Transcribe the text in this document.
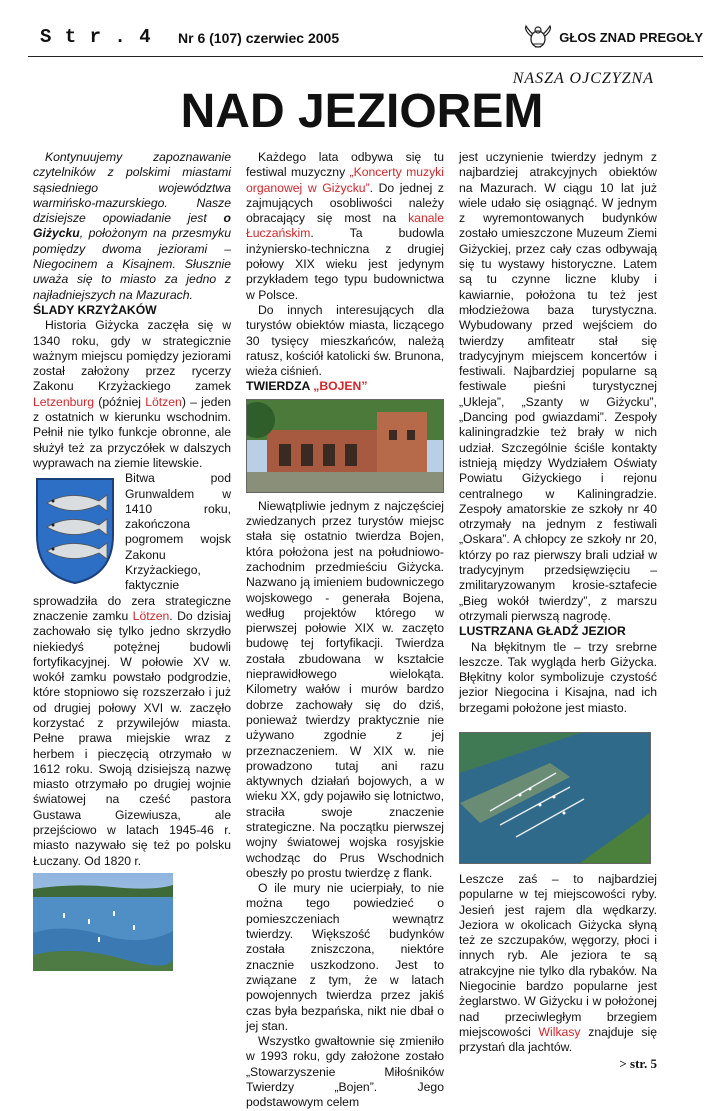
S t r . 4 Nr 6 (107) czerwiec 2005	GŁOS ZNAD PREGOŁY
NASZA OJCZYZNA
NAD JEZIOREM

Kontynuujemy zapoznawanie czytelników z polskimi miastami sąsiedniego województwa warmińsko-mazurskiego. Nasze dzisiejsze opowiadanie jest o Giżycku, położonym na przesmyku pomiędzy dwoma jeziorami – Niegocinem a Kisajnem. Słusznie uważa się to miasto za jedno z najładniejszych na Mazurach.

ŚLADY KRZYŻAKÓW

Historia Giżycka zaczęła się w 1340 roku, gdy w strategicznie ważnym miejscu pomiędzy jeziorami został założony przez rycerzy Zakonu Krzyżackiego zamek Letzenburg (później Lötzen) – jeden z ostatnich w kierunku wschodnim. Pełnił nie tylko funkcje obronne, ale służył też za przyczółek w dalszych wyprawach na ziemie litewskie.

Bitwa pod Grunwaldem w 1410 roku, zakończona pogromem wojsk Zakonu Krzyżackiego, faktycznie sprowadziła do zera strategiczne znaczenie zamku Lötzen. Do dzisiaj zachowało się tylko jedno skrzydło niekiedyś potężnej budowli fortyfikacyjnej. W połowie XV w. wokół zamku powstało podgrodzie, które stopniowo się rozszerzało i już od drugiej połowy XVI w. zaczęło korzystać z przywilejów miasta. Pełne prawa miejskie wraz z herbem i pieczęcią otrzymało w 1612 roku. Swoją dzisiejszą nazwę miasto otrzymało po drugiej wojnie światowej na cześć pastora Gustawa Gizewiusza, ale przejściowo w latach 1945-46 r. miasto nazywało się też po polsku Łuczany. Od 1820 r.

Każdego lata odbywa się tu festiwal muzyczny „Koncerty muzyki organowej w Giżycku”. Do jednej z zajmujących osobliwości należy obracający się most na kanale Łuczańskim. Ta budowla inżyniersko-techniczna z drugiej połowy XIX wieku jest jedynym przykładem tego typu budownictwa w Polsce.

Do innych interesujących dla turystów obiektów miasta, liczącego 30 tysięcy mieszkańców, należą ratusz, kościół katolicki św. Brunona, wieża ciśnień.

TWIERDZA „BOJEN”

Niewątpliwie jednym z najczęściej zwiedzanych przez turystów miejsc stała się ostatnio twierdza Bojen, która położona jest na południowo-zachodnim przedmieściu Giżycka. Nazwano ją imieniem budowniczego wojskowego - generała Bojena, według projektów którego w pierwszej połowie XIX w. zaczęto budowę tej fortyfikacji. Twierdza została zbudowana w kształcie nieprawidłowego wielokąta. Kilometry wałów i murów bardzo dobrze zachowały się do dziś, ponieważ twierdzy praktycznie nie używano zgodnie z jej przeznaczeniem. W XIX w. nie prowadzono tutaj ani razu aktywnych działań bojowych, a w wieku XX, gdy pojawiło się lotnictwo, straciła swoje znaczenie strategiczne. Na początku pierwszej wojny światowej wojska rosyjskie wchodząc do Prus Wschodnich obeszły po prostu twierdzę z flank.

O ile mury nie ucierpiały, to nie można tego powiedzieć o pomieszczeniach wewnątrz twierdzy. Większość budynków została zniszczona, niektóre znacznie uszkodzono. Jest to związane z tym, że w latach powojennych twierdza przez jakiś czas była bezpańska, nikt nie dbał o jej stan.

Wszystko gwałtownie się zmieniło w 1993 roku, gdy założone zostało „Stowarzyszenie Miłośników Twierdzy „Bojen”. Jego podstawowym celem

jest uczynienie twierdzy jednym z najbardziej atrakcyjnych obiektów na Mazurach. W ciągu 10 lat już wiele udało się osiągnąć. W jednym z wyremontowanych budynków zostało umieszczone Muzeum Ziemi Giżyckiej, przez cały czas odbywają się tu wystawy historyczne. Latem są tu czynne liczne kluby i kawiarnie, położona tu też jest młodzieżowa baza turystyczna. Wybudowany przed wejściem do twierdzy amfiteatr stał się tradycyjnym miejscem koncertów i festiwali. Najbardziej popularne są festiwale pieśni turystycznej „Ukleja”, „Szanty w Giżycku”, „Dancing pod gwiazdami”. Zespoły kaliningradzkie też brały w nich udział. Szczególnie ściśle kontakty istnieją między Wydziałem Oświaty Powiatu Giżyckiego i rejonu centralnego w Kaliningradzie. Zespoły amatorskie ze szkoły nr 40 otrzymały na jednym z festiwali „Oskara”. A chłopcy ze szkoły nr 20, którzy po raz pierwszy brali udział w tradycyjnym przedsięwzięciu – zmilitaryzowanym krosie-sztafecie „Bieg wokół twierdzy”, z marszu otrzymali pierwszą nagrodę.

LUSTRZANA GŁADŹ JEZIOR

Na błękitnym tle – trzy srebrne leszcze. Tak wygląda herb Giżycka. Błękitny kolor symbolizuje czystość jezior Niegocina i Kisajna, nad ich brzegami położone jest miasto.

Leszcze zaś – to najbardziej popularne w tej miejscowości ryby. Jesień jest rajem dla wędkarzy. Jeziora w okolicach Giżycka słyną też ze szczupaków, węgorzy, płoci i innych ryb. Ale jeziora te są atrakcyjne nie tylko dla rybaków. Na Niegocinie bardzo popularne jest żeglarstwo. W Giżycku i w położonej nad przeciwległym brzegiem miejscowości Wilkasy znajduje się przystań dla jachtów.

> str. 5
